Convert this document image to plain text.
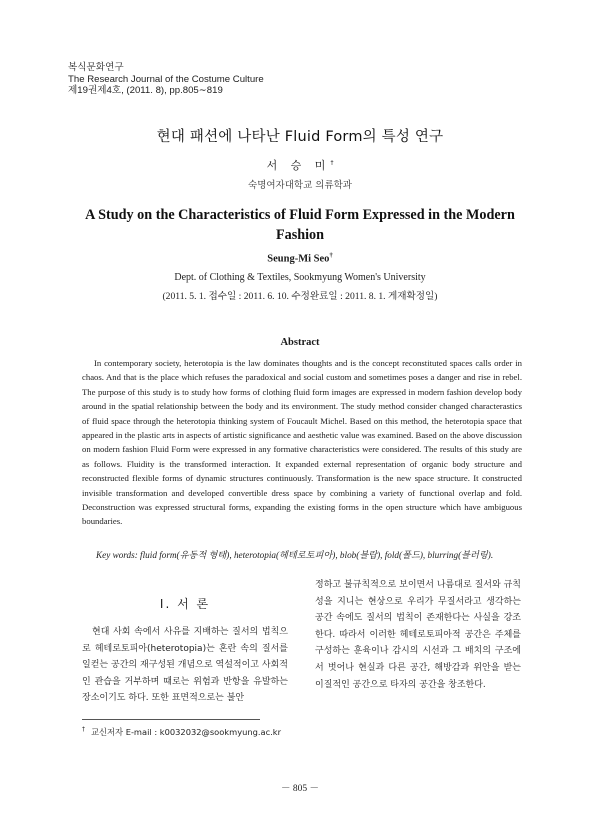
복식문화연구
The Research Journal of the Costume Culture
제19권제4호, (2011. 8), pp.805∼819
현대 패션에 나타난 Fluid Form의 특성 연구
서 승 미†
숙명여자대학교 의류학과
A Study on the Characteristics of Fluid Form Expressed in the Modern Fashion
Seung-Mi Seo†
Dept. of Clothing & Textiles, Sookmyung Women's University
(2011. 5. 1. 접수일 : 2011. 6. 10. 수정완료일 : 2011. 8. 1. 게재확정일)
Abstract
In contemporary society, heterotopia is the law dominates thoughts and is the concept reconstituted spaces calls order in chaos. And that is the place which refuses the paradoxical and social custom and sometimes poses a danger and rise in rebel. The purpose of this study is to study how forms of clothing fluid form images are expressed in modern fashion develop body around in the spatial relationship between the body and its environment. The study method consider changed characterastics of fluid space through the heterotopia thinking system of Foucault Michel. Based on this method, the heterotopia space that appeared in the plastic arts in aspects of artistic significance and aesthetic value was examined. Based on the above discussion on modern fashion Fluid Form were expressed in any formative characteristics were considered. The results of this study are as follows. Fluidity is the transformed interaction. It expanded external representation of organic body structure and reconstructed flexible forms of dynamic structures continuously. Transformation is the new space structure. It constructed invisible transformation and developed convertible dress space by combining a variety of functional overlap and fold. Deconstruction was expressed structural forms, expanding the existing forms in the open structure which have ambiguous boundaries.
Key words: fluid form(유동적 형태), heterotopia(헤테로토피아), blob(블랍), fold(폴드), blurring(블러링).
Ⅰ. 서 론
현대 사회 속에서 사유를 지배하는 질서의 법칙으로 헤테로토피아(heterotopia)는 혼란 속의 질서를 일컫는 공간의 재구성된 개념으로 역설적이고 사회적인 관습을 거부하며 때로는 위험과 반항을 유발하는 장소이기도 하다. 또한 표면적으로는 불안
정하고 불규칙적으로 보이면서 나름대로 질서와 규칙성을 지니는 현상으로 우리가 무질서라고 생각하는 공간 속에도 질서의 법칙이 존재한다는 사실을 강조한다. 따라서 이러한 헤테로토피아적 공간은 주체를 구성하는 훈육이나 감시의 시선과 그 배치의 구조에서 벗어나 현실과 다른 공간, 해방감과 위안을 받는 이질적인 공간으로 타자의 공간을 창조한다.
† 교신저자 E-mail : k0032032@sookmyung.ac.kr
－ 805 －
